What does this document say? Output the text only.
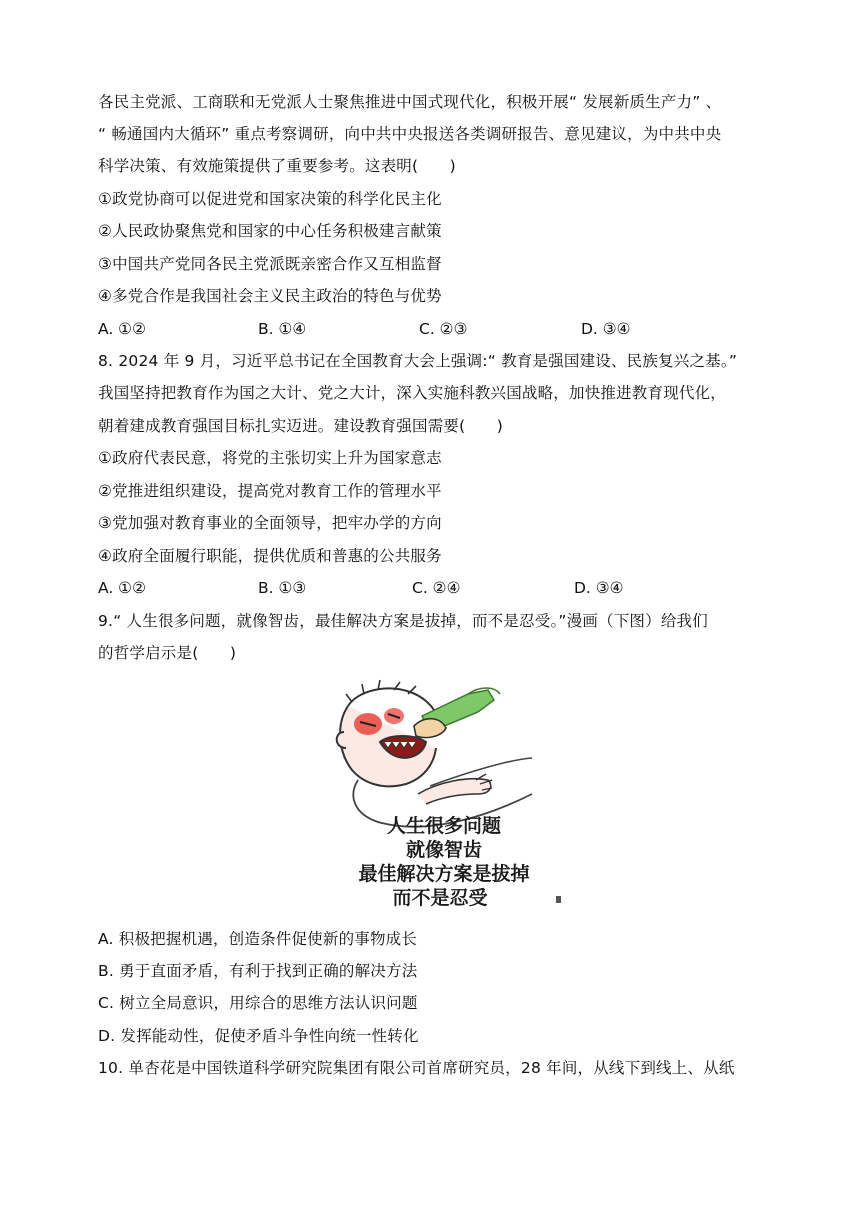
各民主党派、工商联和无党派人士聚焦推进中国式现代化，积极开展“ 发展新质生产力” 、
“ 畅通国内大循环” 重点考察调研，向中共中央报送各类调研报告、意见建议，为中共中央
科学决策、有效施策提供了重要参考。这表明(　　)
①政党协商可以促进党和国家决策的科学化民主化
②人民政协聚焦党和国家的中心任务积极建言献策
③中国共产党同各民主党派既亲密合作又互相监督
④多党合作是我国社会主义民主政治的特色与优势
A. ①②	B. ①④	C. ②③	D. ③④
8. 2024 年 9 月，习近平总书记在全国教育大会上强调:“ 教育是强国建设、民族复兴之基。”
我国坚持把教育作为国之大计、党之大计，深入实施科教兴国战略，加快推进教育现代化，
朝着建成教育强国目标扎实迈进。建设教育强国需要(　　)
①政府代表民意，将党的主张切实上升为国家意志
②党推进组织建设，提高党对教育工作的管理水平
③党加强对教育事业的全面领导，把牢办学的方向
④政府全面履行职能，提供优质和普惠的公共服务
A. ①②	B. ①③	C. ②④	D. ③④
9.“ 人生很多问题，就像智齿，最佳解决方案是拔掉，而不是忍受。”漫画（下图）给我们
的哲学启示是(　　)
人生很多问题
就像智齿
最佳解决方案是拔掉
而不是忍受
A. 积极把握机遇，创造条件促使新的事物成长
B. 勇于直面矛盾，有利于找到正确的解决方法
C. 树立全局意识，用综合的思维方法认识问题
D. 发挥能动性，促使矛盾斗争性向统一性转化
10. 单杏花是中国铁道科学研究院集团有限公司首席研究员，28 年间，从线下到线上、从纸
